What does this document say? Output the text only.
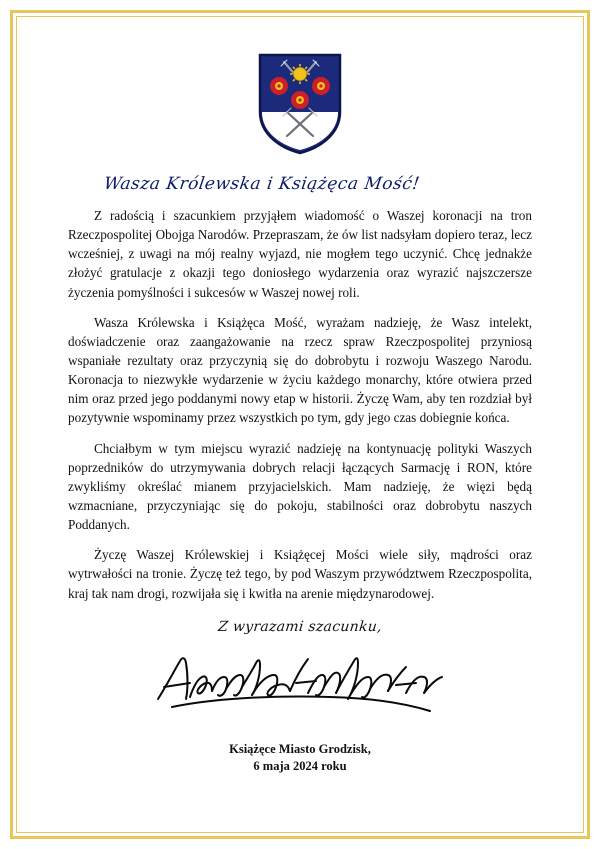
Wasza Królewska i Książęca Mość!

Z radością i szacunkiem przyjąłem wiadomość o Waszej koronacji na tron Rzeczpospolitej Obojga Narodów. Przepraszam, że ów list nadsyłam dopiero teraz, lecz wcześniej, z uwagi na mój realny wyjazd, nie mogłem tego uczynić. Chcę jednakże złożyć gratulacje z okazji tego doniosłego wydarzenia oraz wyrazić najszczersze życzenia pomyślności i sukcesów w Waszej nowej roli.

Wasza Królewska i Książęca Mość, wyrażam nadzieję, że Wasz intelekt, doświadczenie oraz zaangażowanie na rzecz spraw Rzeczpospolitej przyniosą wspaniałe rezultaty oraz przyczynią się do dobrobytu i rozwoju Waszego Narodu. Koronacja to niezwykłe wydarzenie w życiu każdego monarchy, które otwiera przed nim oraz przed jego poddanymi nowy etap w historii. Życzę Wam, aby ten rozdział był pozytywnie wspominamy przez wszystkich po tym, gdy jego czas dobiegnie końca.

Chciałbym w tym miejscu wyrazić nadzieję na kontynuację polityki Waszych poprzedników do utrzymywania dobrych relacji łączących Sarmację i RON, które zwykliśmy określać mianem przyjacielskich. Mam nadzieję, że więzi będą wzmacniane, przyczyniając się do pokoju, stabilności oraz dobrobytu naszych Poddanych.

Życzę Waszej Królewskiej i Książęcej Mości wiele siły, mądrości oraz wytrwałości na tronie. Życzę też tego, by pod Waszym przywództwem Rzeczpospolita, kraj tak nam drogi, rozwijała się i kwitła na arenie międzynarodowej.

Z wyrazami szacunku,
Książęce Miasto Grodzisk,
6 maja 2024 roku
